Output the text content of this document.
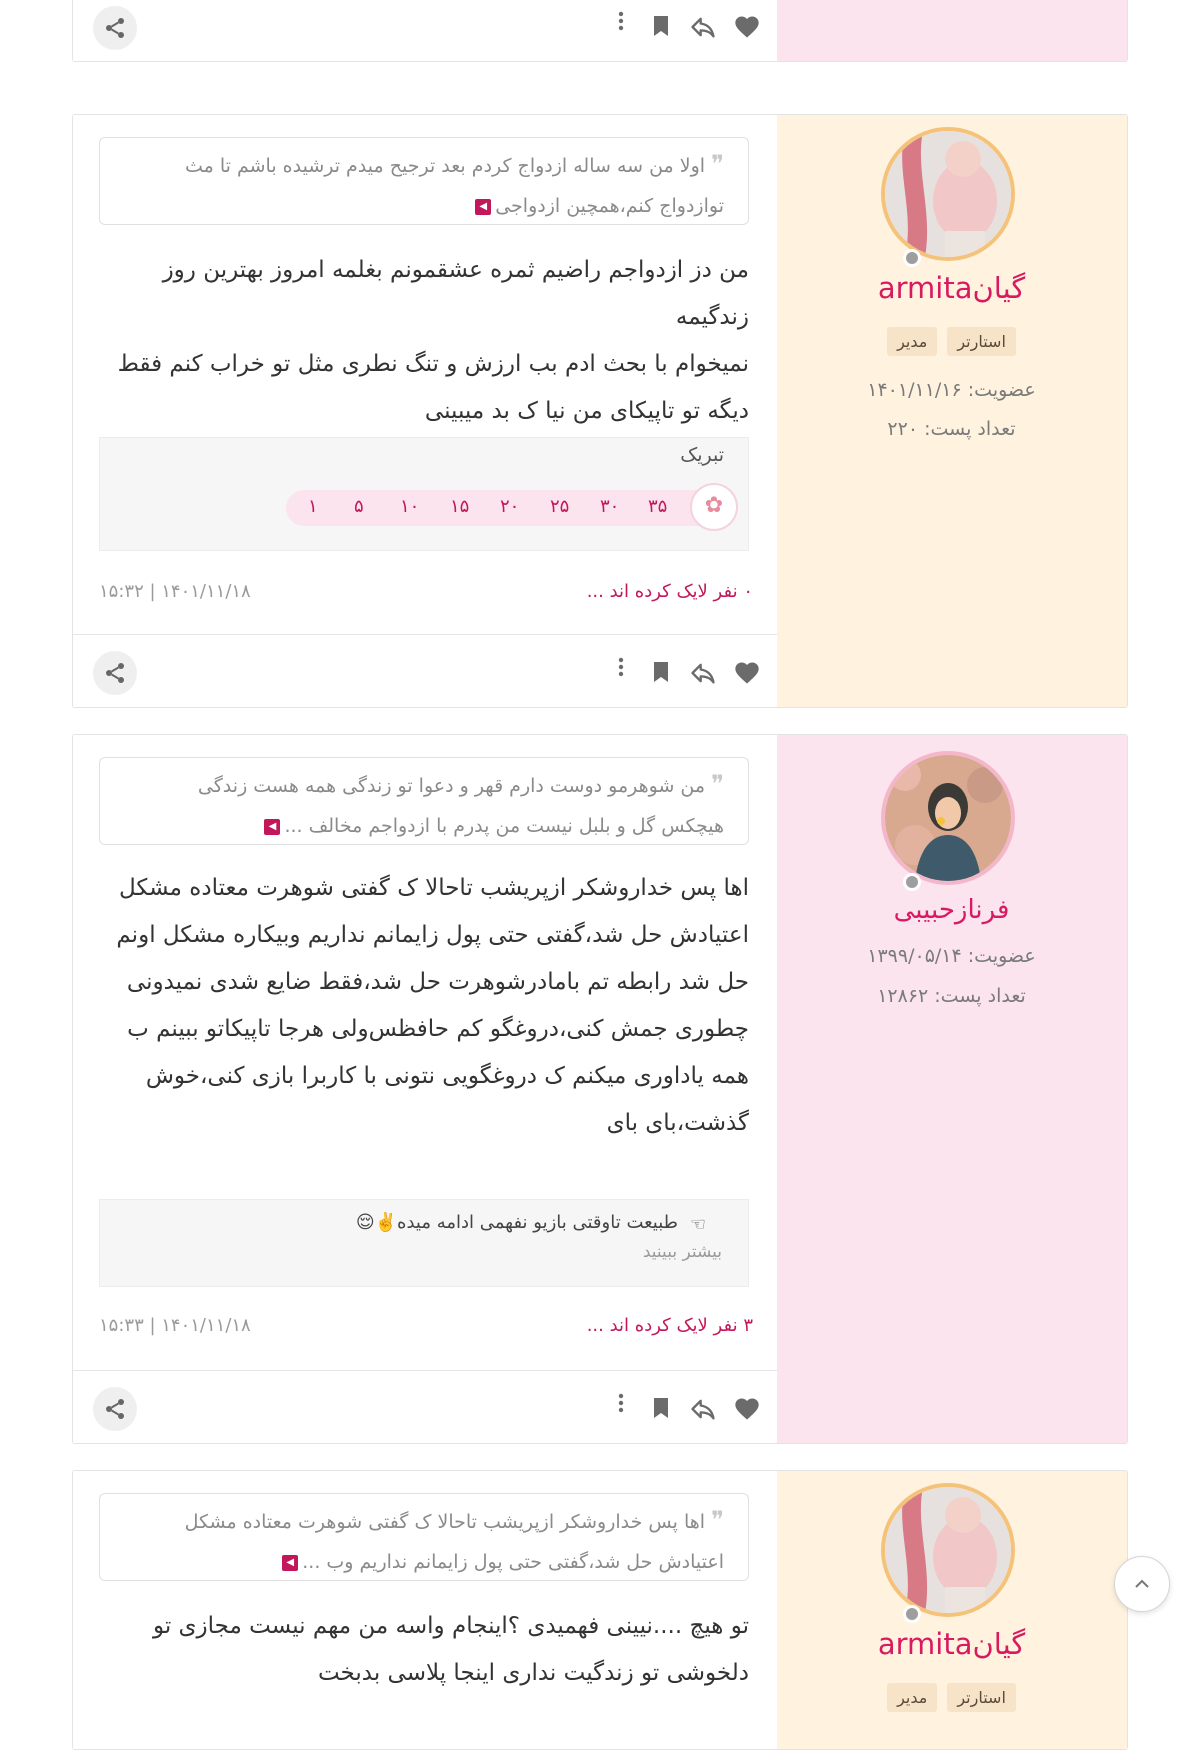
armitaگیان
استارتر
مدیر
عضویت: ۱۴۰۱/۱۱/۱۶
تعداد پست: ۲۲۰
❞اولا من سه ساله ازدواج کردم بعد ترجیح میدم ترشیده باشم تا مث
توازدواج کنم،همچین ازدواجی◀
من دز ازدواجم راضیم ثمره عشقمونم بغلمه امروز بهترین روز زندگیمه
نمیخوام با بحث ادم بب ارزش و تنگ نطری مثل تو خراب کنم فقط
دیگه تو تاپیکای من نیا ک بد میبینی
تبریک
۳۵
۳۰
۲۵
۲۰
۱۵
۱۰
۵
۱	✿
۰ نفر لایک کرده اند ...
۱۵:۳۲ | ۱۴۰۱/۱۱/۱۸
فرنازحبیبی
عضویت: ۱۳۹۹/۰۵/۱۴
تعداد پست: ۱۲۸۶۲
❞من شوهرمو دوست دارم قهر و دعوا تو زندگی همه هست زندگی
هیچکس گل و بلبل نیست من پدرم با ازدواجم مخالف ...◀
اها پس خداروشکر ازپریشب تاحالا ک گفتی شوهرت معتاده مشکل
اعتیادش حل شد،گفتی حتی پول زایمانم نداریم وبیکاره مشکل اونم
حل شد رابطه تم بامادرشوهرت حل شد،فقط ضایع شدی نمیدونی
چطوری جمش کنی،دروغگو کم حافظس‌ولی هرجا تاپیکاتو ببینم ب
همه یاداوری میکنم ک دروغگویی نتونی با کاربرا بازی کنی،خوش
گذشت،بای بای
☜
طبیعت تاوقتی بازیو نفهمی ادامه میده✌️😌
بیشتر ببینید
۳ نفر لایک کرده اند ...
۱۵:۳۳ | ۱۴۰۱/۱۱/۱۸
armitaگیان
استارتر
مدیر
❞اها پس خداروشکر ازپریشب تاحالا ک گفتی شوهرت معتاده مشکل
اعتیادش حل شد،گفتی حتی پول زایمانم نداریم وب ...◀
تو هیچ ....نیینی فهمیدی ؟اینجام واسه من مهم نیست مجازی تو
دلخوشی تو زندگیت نداری اینجا پلاسی بدبخت
